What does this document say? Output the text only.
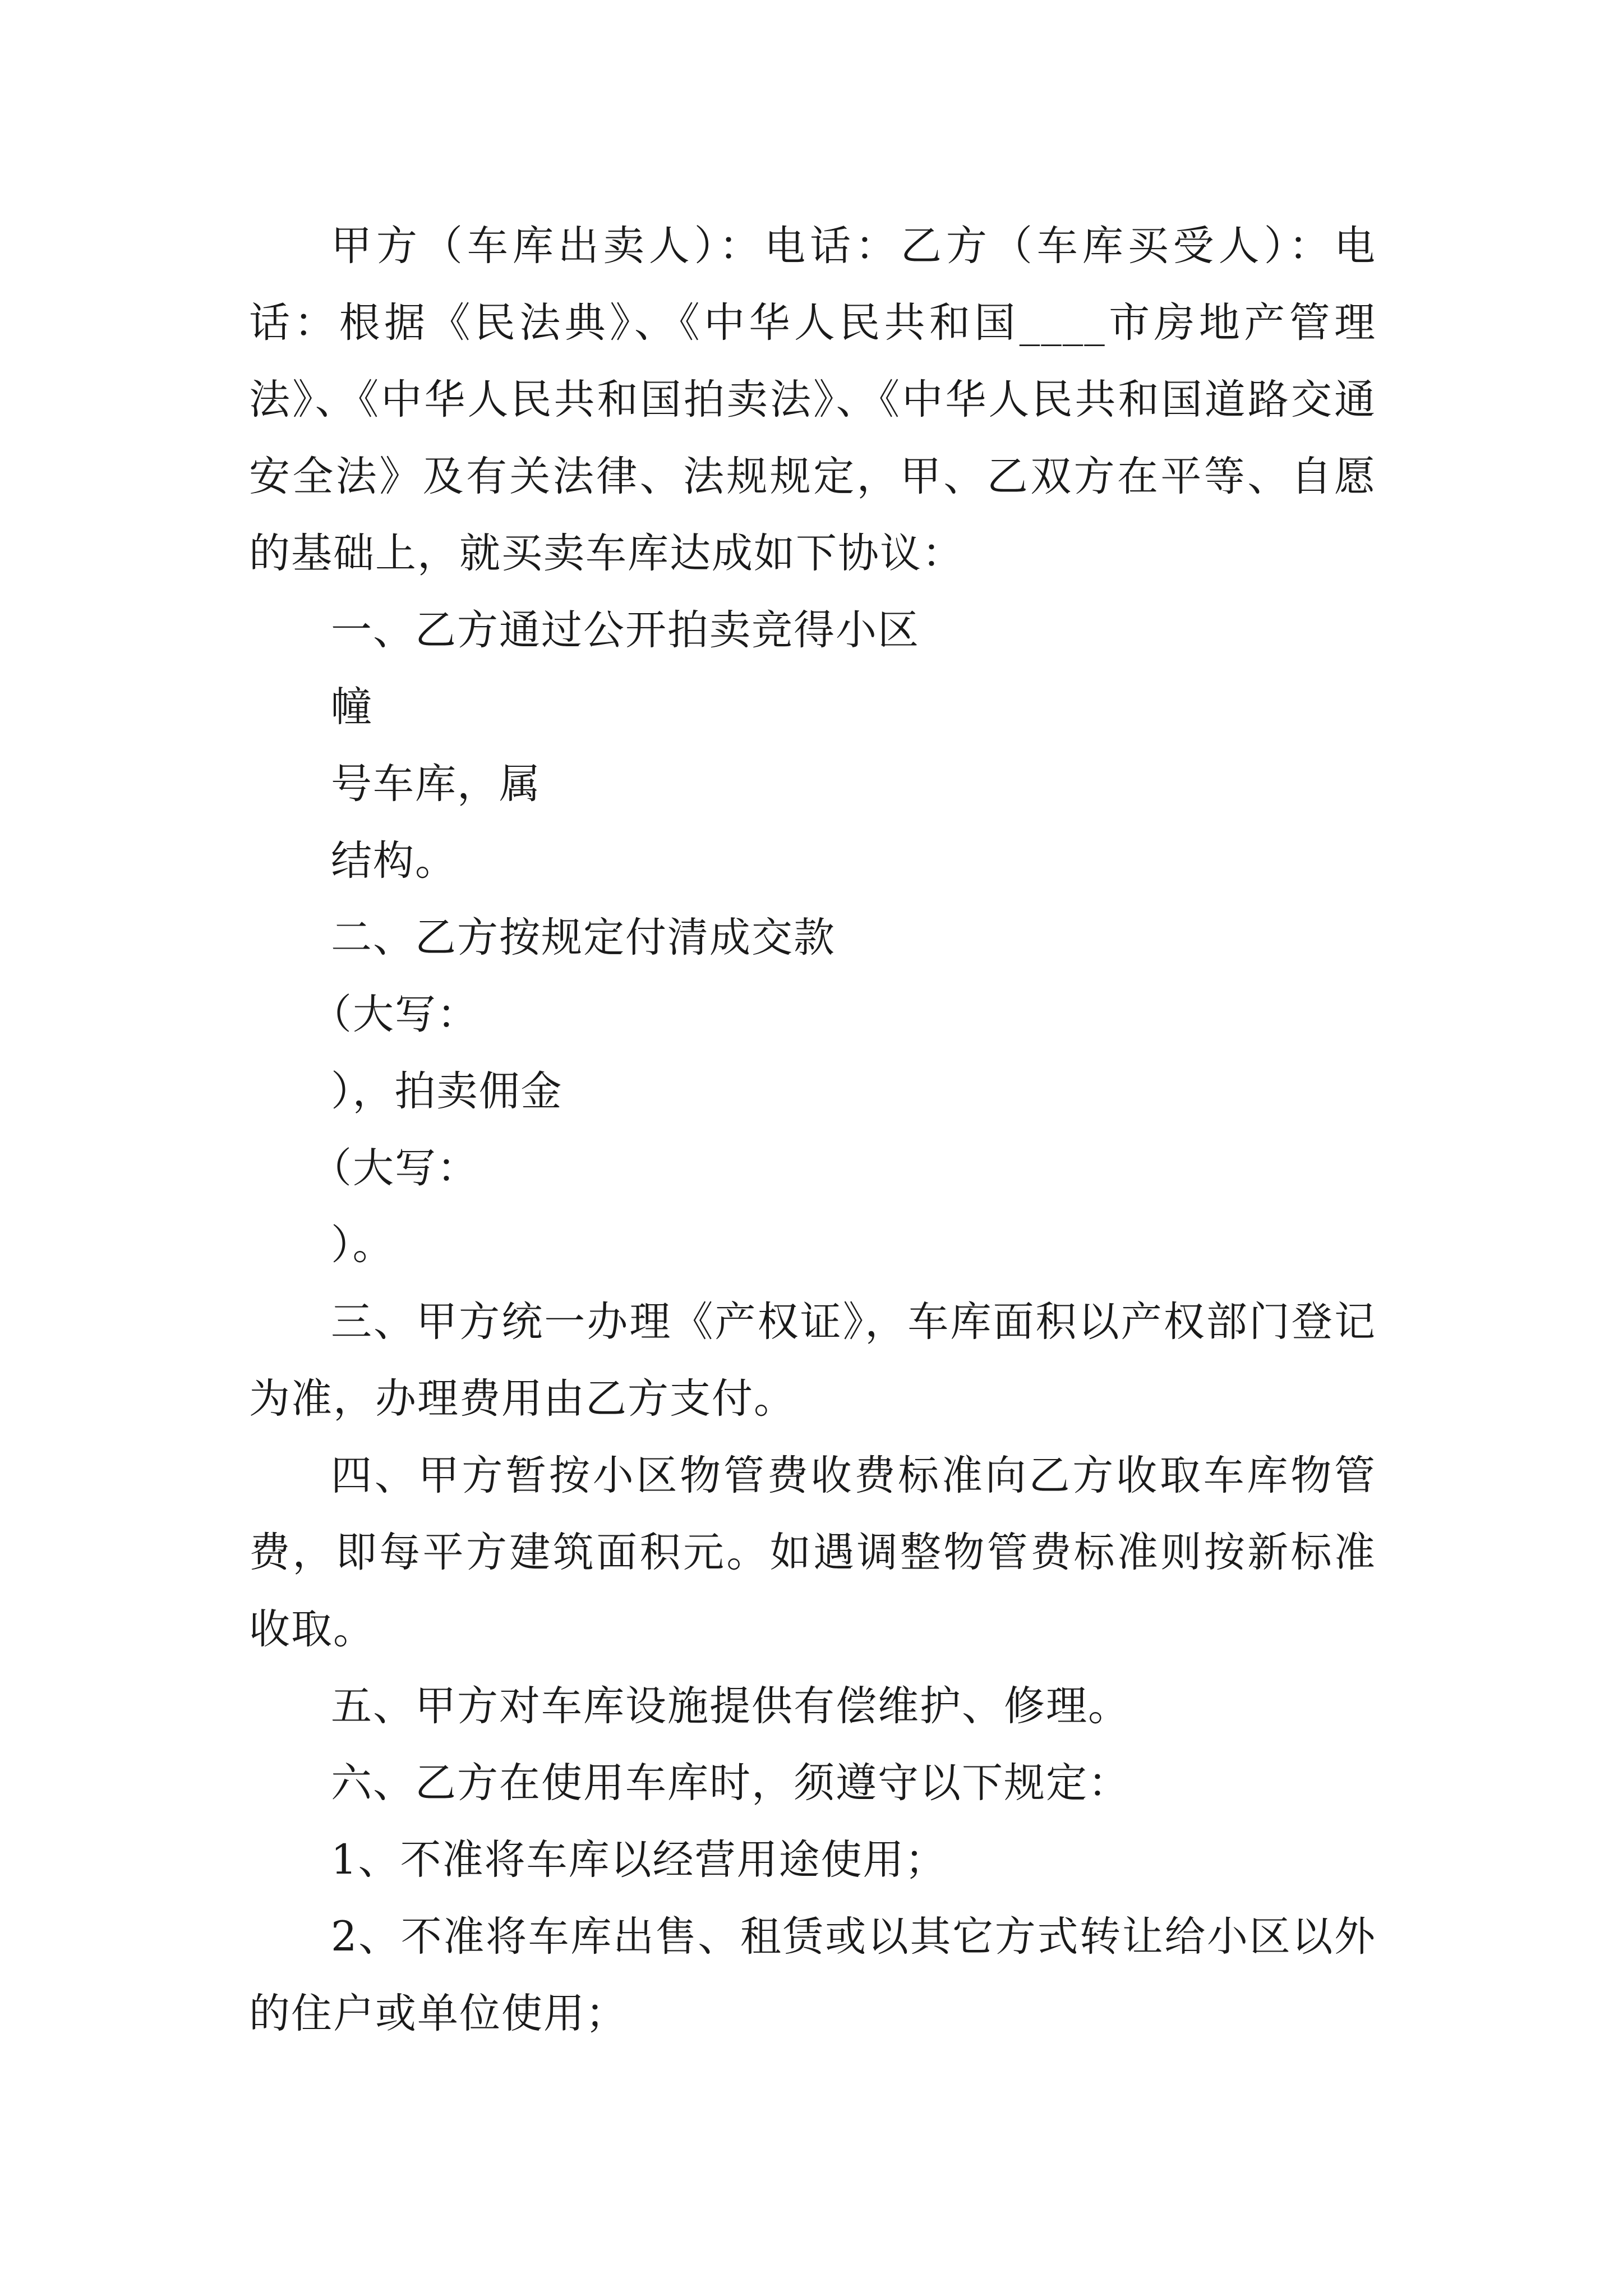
甲方（车库出卖人）：电话：乙方（车库买受人）：电话：根据《民法典》、《中华人民共和国____市房地产管理法》、《中华人民共和国拍卖法》、《中华人民共和国道路交通安全法》及有关法律、法规规定，甲、乙双方在平等、自愿的基础上，就买卖车库达成如下协议：

一、乙方通过公开拍卖竞得小区

幢

号车库，属

结构。

二、乙方按规定付清成交款

（大写：

），拍卖佣金

（大写：

）。

三、甲方统一办理《产权证》，车库面积以产权部门登记为准，办理费用由乙方支付。

四、甲方暂按小区物管费收费标准向乙方收取车库物管费，即每平方建筑面积元。如遇调整物管费标准则按新标准收取。

五、甲方对车库设施提供有偿维护、修理。

六、乙方在使用车库时，须遵守以下规定：

1、不准将车库以经营用途使用；

2、不准将车库出售、租赁或以其它方式转让给小区以外的住户或单位使用；
